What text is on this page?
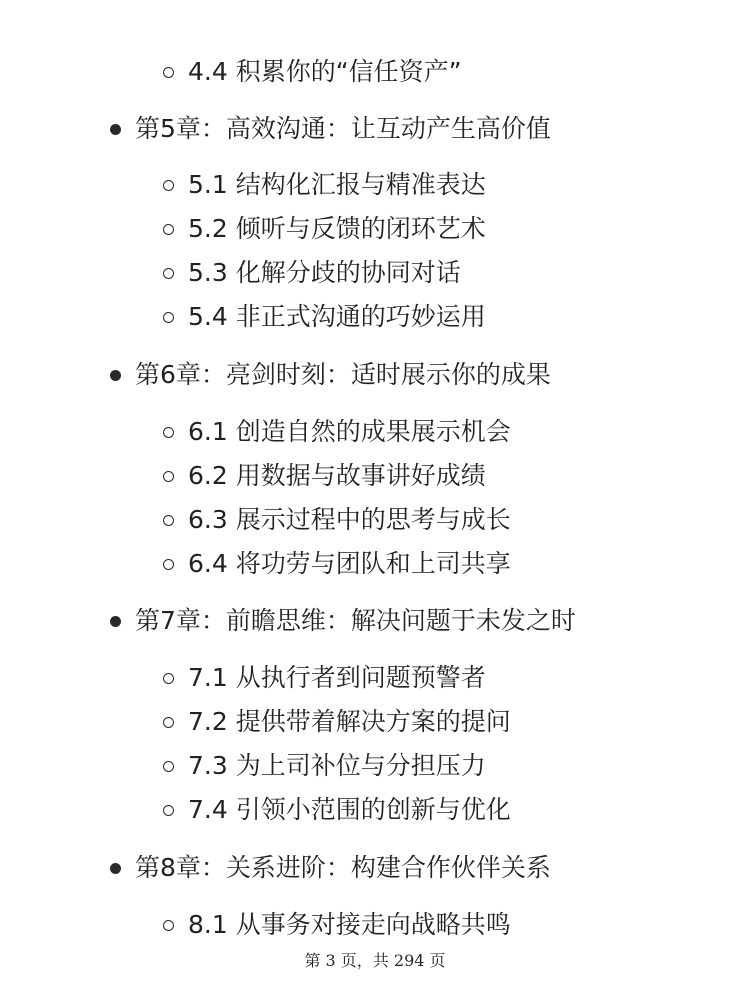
4.4 积累你的“信任资产”
第5章：高效沟通：让互动产生高价值
5.1 结构化汇报与精准表达
5.2 倾听与反馈的闭环艺术
5.3 化解分歧的协同对话
5.4 非正式沟通的巧妙运用
第6章：亮剑时刻：适时展示你的成果
6.1 创造自然的成果展示机会
6.2 用数据与故事讲好成绩
6.3 展示过程中的思考与成长
6.4 将功劳与团队和上司共享
第7章：前瞻思维：解决问题于未发之时
7.1 从执行者到问题预警者
7.2 提供带着解决方案的提问
7.3 为上司补位与分担压力
7.4 引领小范围的创新与优化
第8章：关系进阶：构建合作伙伴关系
8.1 从事务对接走向战略共鸣
第 3 页，共 294 页
